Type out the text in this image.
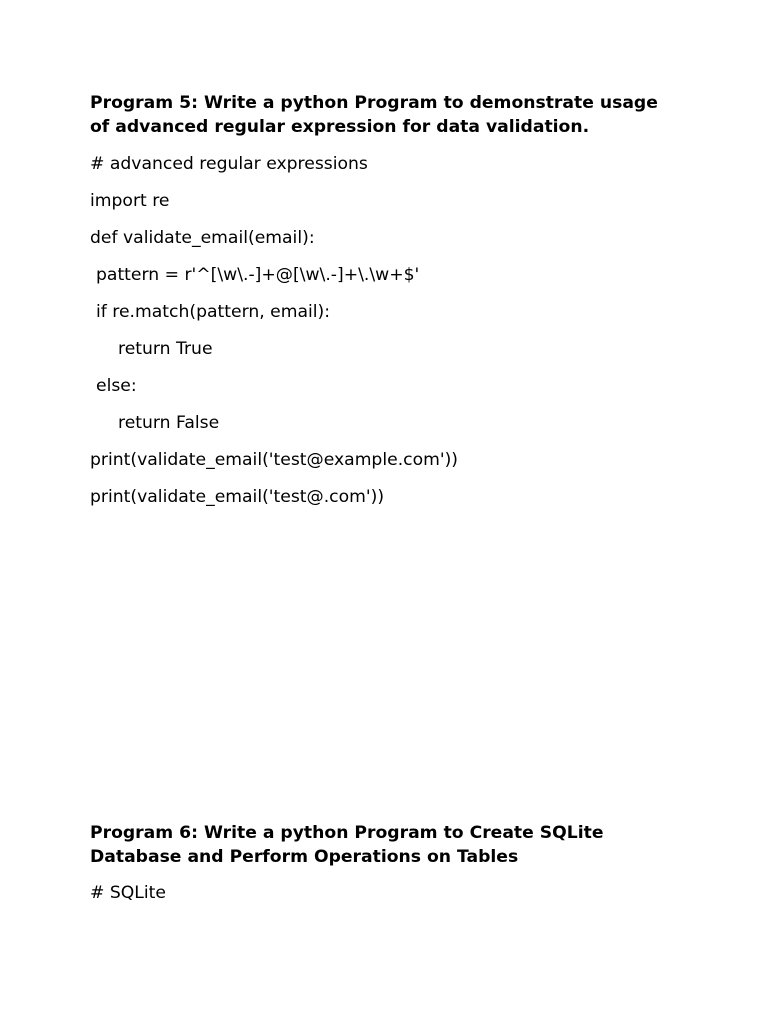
Program 5: Write a python Program to demonstrate usage
of advanced regular expression for data validation.
# advanced regular expressions
import re
def validate_email(email):
pattern = r'^[\w\.-]+@[\w\.-]+\.\w+$'
if re.match(pattern, email):
return True
else:
return False
print(validate_email('test@example.com'))
print(validate_email('test@.com'))
Program 6: Write a python Program to Create SQLite
Database and Perform Operations on Tables
# SQLite
